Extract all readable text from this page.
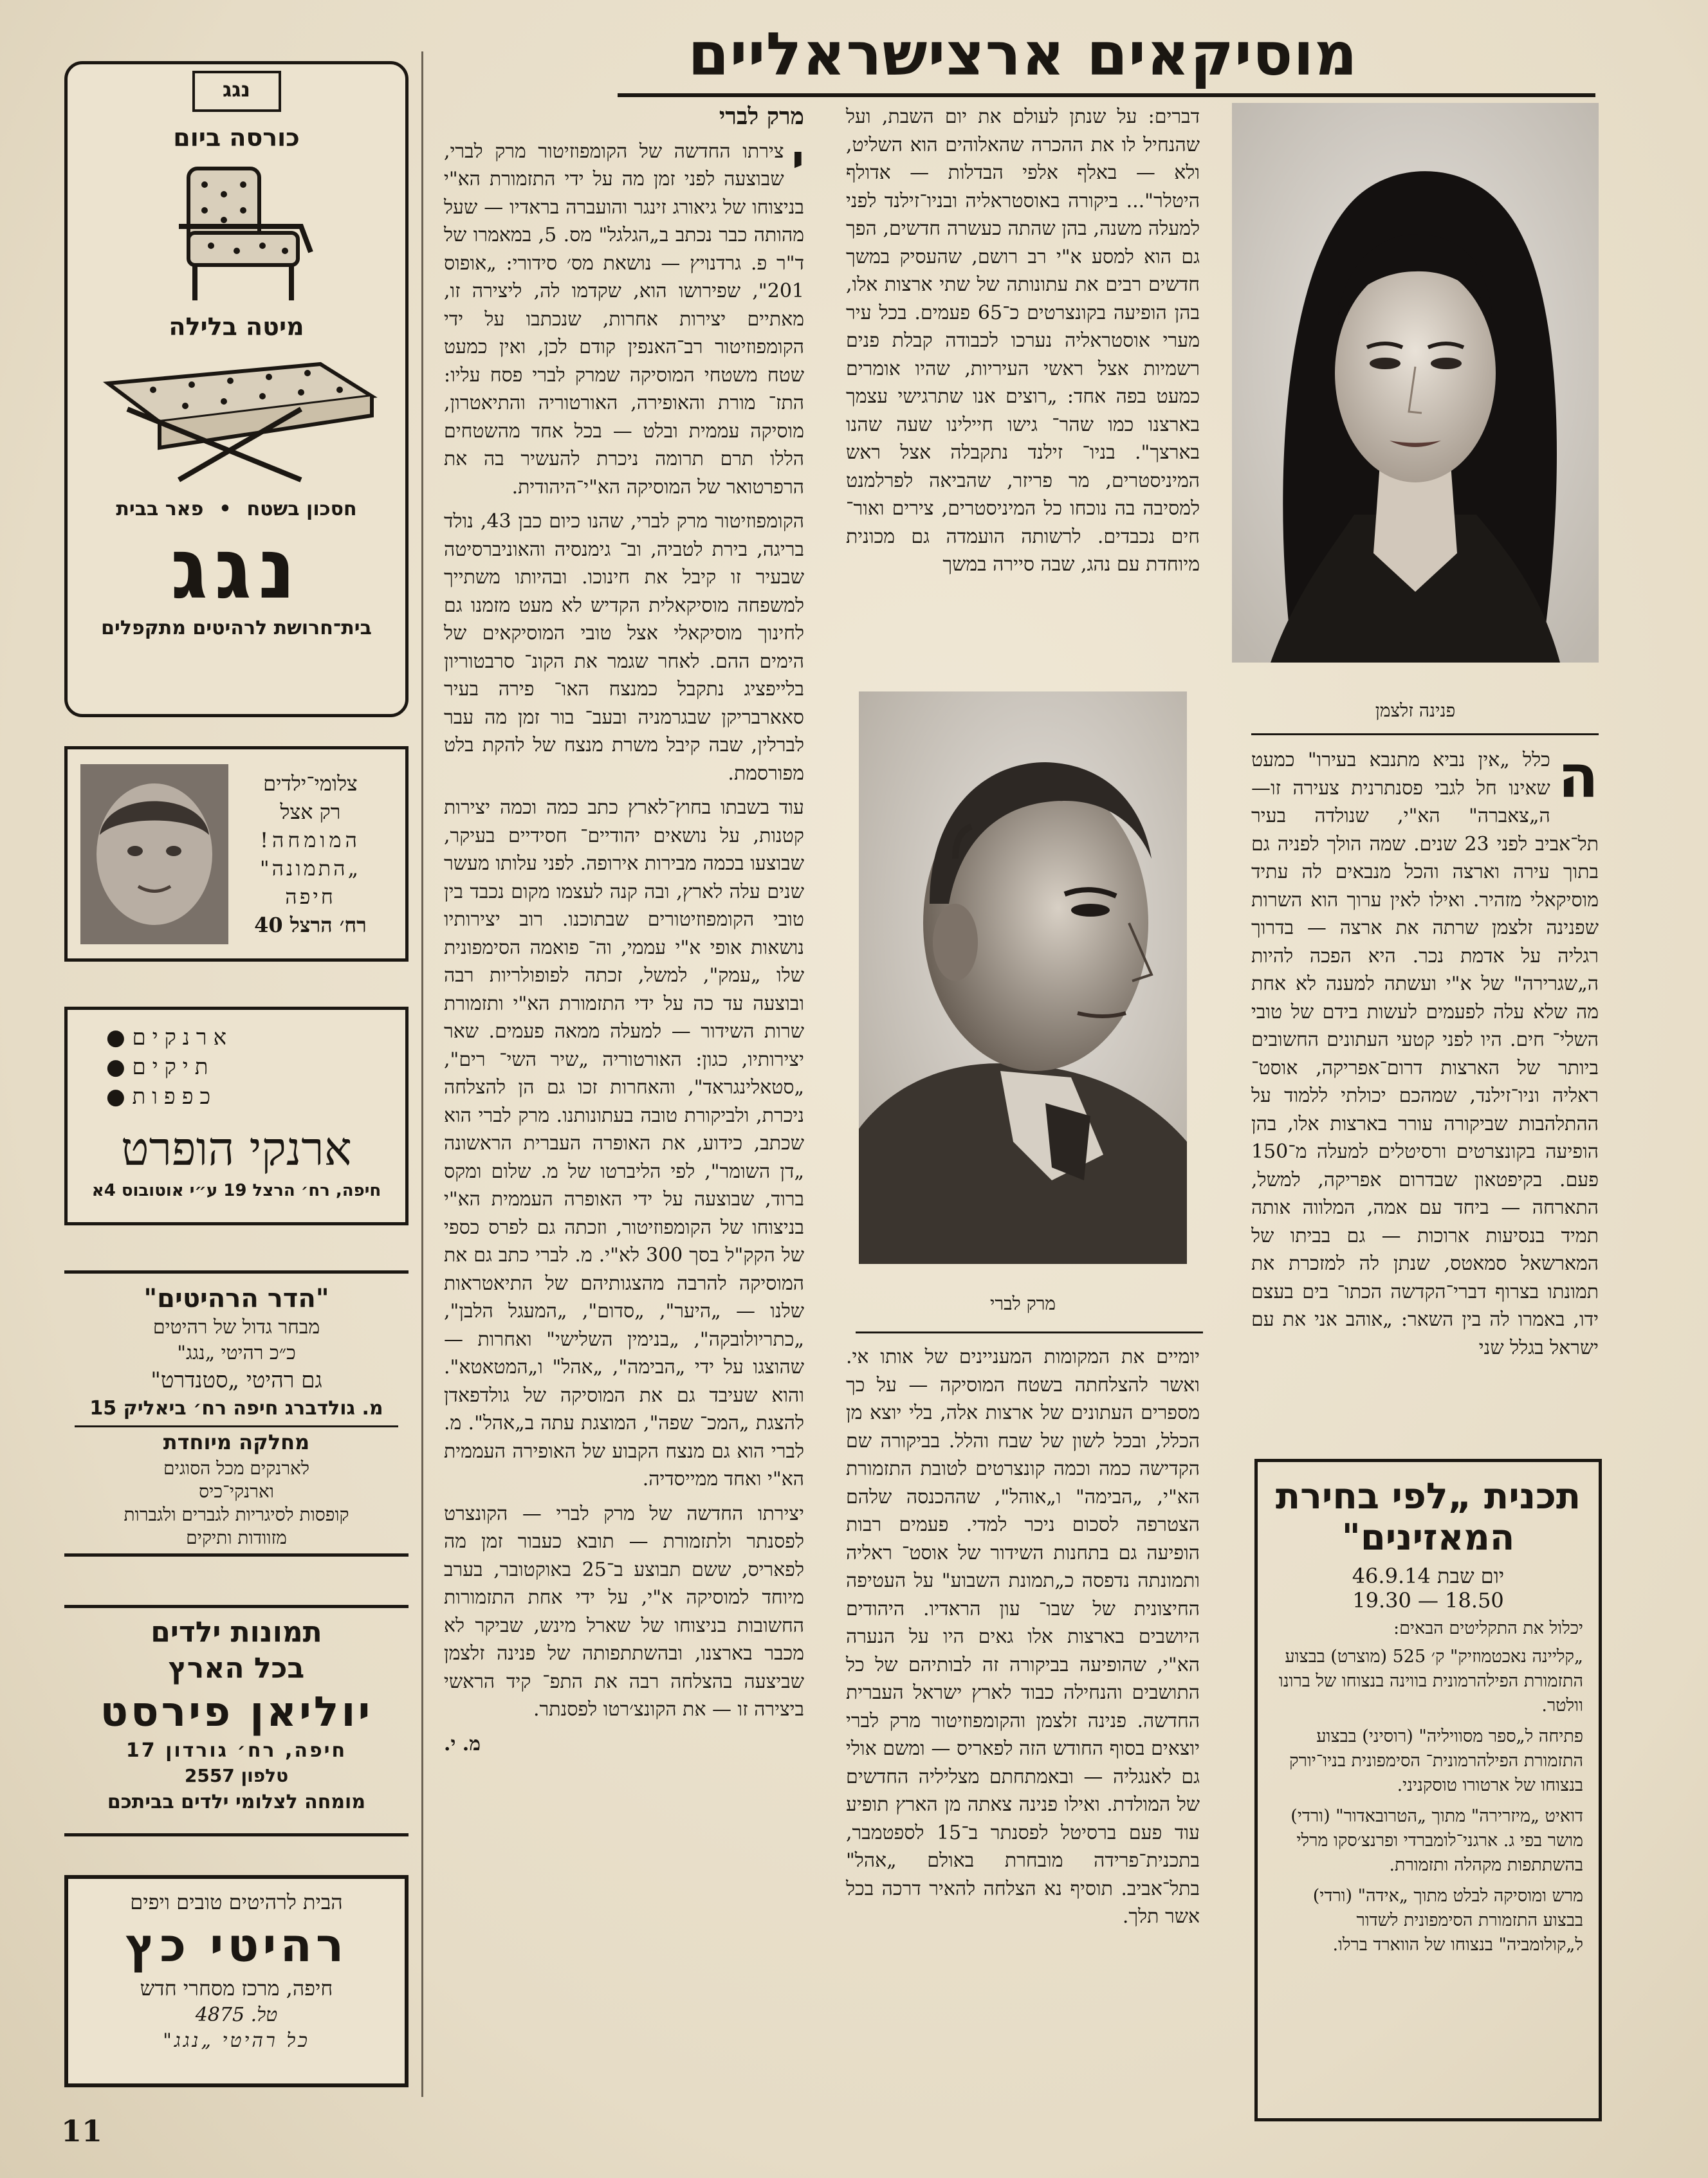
מוסיקאים ארצישראליים
פנינה זלצמן
ה
כלל „אין נביא מתנבא בעירו" כמעט שאינו חל לגבי פסנתרנית צעירה זו— ה„צאברה" הא"י, שנולדה בעיר תל־אביב לפני 23 שנים. שמה הולך לפניה גם בתוך עירה וארצה והכל מנבאים לה עתיד מוסיקאלי מזהיר. ואילו לאין ערוך הוא השרות שפנינה זלצמן שרתה את ארצה — בדרוך רגליה על אדמת נכר. היא הפכה להיות ה„שגרירה" של א"י ועשתה למענה לא אחת מה שלא עלה לפעמים לעשות בידם של טובי השלי־ חים. היו לפני קטעי העתונים החשובים ביותר של הארצות דרום־אפריקה, אוסט־ ראליה וניו־זילנד, שמהכם יכולתי ללמוד על ההתלהבות שביקורה עורר בארצות אלו, בהן הופיעה בקונצרטים ורסיטלים למעלה מ־150 פעם. בקיפטאון שבדרום אפריקה, למשל, התארחה — ביחד עם אמה, המלווה אותה תמיד בנסיעות ארוכות — גם בביתו של המארשאל סמאטס, שנתן לה למזכרת את תמונתו בצרוף דברי־הקדשה הכתו־ בים בעצם ידו, באמרו לה בין השאר: „אוהב אני את עם ישראל בגלל שני
תכנית „לפי בחירת המאזינים"
יום שבת 46.9.14
18.50 — 19.30
יכלול את התקליטים הבאים:
„קליינה נאכטמוזיק" ק׳ 525 (מוצרט) בבצוע התזמורת הפילהרמונית בווינה בנצוחו של ברונו וולטר.
פתיחה ל„ספר מסוויליה" (רוסיני) בבצוע התזמורת הפילהרמונית־ הסימפונית בניו־יורק בנצוחו של ארטורו טוסקניני.
דואיט „מיזרירה" מתוך „הטרובאדור" (ורדי) מושר בפי ג. ארגני־לומברדי ופרנצ׳סקו מרלי בהשתתפות מקהלה ותזמורת.
מרש ומוסיקה לבלט מתוך „אידה" (ורדי) בבצוע התזמורת הסימפונית לשדור ל„קולומביה" בנצוחו של הווארד ברלו.
דברים: על שנתן לעולם את יום השבת, ועל שהנחיל לו את ההכרה שהאלוהים הוא השליט, ולא — באלף אלפי הבדלות — אדולף היטלר"... ביקורה באוסטראליה ובניו־זילנד לפני למעלה משנה, בהן שהתה כעשרה חדשים, הפך גם הוא למסע א"י רב רושם, שהעסיק במשך חדשים רבים את עתונותה של שתי ארצות אלו, בהן הופיעה בקונצרטים כ־65 פעמים. בכל עיר מערי אוסטראליה נערכו לכבודה קבלת פנים רשמיות אצל ראשי העיריות, שהיו אומרים כמעט בפה אחד: „רוצים אנו שתרגישי עצמך בארצנו כמו שהר־ גישו חיילינו שעה שהנו בארצך". בניו־ זילנד נתקבלה אצל ראש המיניסטרים, מר פריזר, שהביאה לפרלמנט למסיבה בה נוכחו כל המיניסטרים, צירים ואור־ חים נכבדים. לרשותה הועמדה גם מכונית מיוחדת עם נהג, שבה סיירה במשך
מרק לברי
יומיים את המקומות המעניינים של אותו אי. ואשר להצלחתה בשטח המוסיקה — על כך מספרים העתונים של ארצות אלה, בלי יוצא מן הכלל, ובכל לשון של שבח והלל. בביקורה שם הקדישה כמה וכמה קונצרטים לטובת התזמורת הא"י, „הבימה" ו„אוהל", שההכנסה שלהם הצטרפה לסכום ניכר למדי. פעמים רבות הופיעה גם בתחנות השידור של אוסט־ ראליה ותמונתה נדפסה כ„תמונת השבוע" על העטיפה החיצונית של שבו־ עון הראדיו. היהודים היושבים בארצות אלו גאים היו על הנערה הא"י, שהופיעה בביקורה זה לבותיהם של כל התושבים והנחילה כבוד לארץ ישראל העברית החדשה. פנינה זלצמן והקומפוזיטור מרק לברי יוצאים בסוף החודש הזה לפאריס — ומשם אולי גם לאנגליה — ובאמתחתם מצליליה החדשים של המולדת. ואילו פנינה צאתה מן הארץ תופיע עוד פעם ברסיטל לפסנתר ב־15 לספטמבר, בתכנית־פרידה מובחרת באולם „אהל" בתל־אביב. תוסיף נא הצלחה להאיר דרכה בכל אשר תלך.
מרק לברי

י
צירתו החדשה של הקומפוזיטור מרק לברי, שבוצעה לפני זמן מה על ידי התזמורת הא"י בניצוחו של גיאורג זינגר והועברה בראדיו — שעל מהותה כבר נכתב ב„הגלגל" מס. 5, במאמרו של ד"ר פ. גרדנויץ — נושאת מס׳ סידורי: „אופוס 201", שפירושו הוא, שקדמו לה, ליצירה זו, מאתיים יצירות אחרות, שנכתבו על ידי הקומפוזיטור רב־האנפין קודם לכן, ואין כמעט שטח משטחי המוסיקה שמרק לברי פסח עליו: התז־ מורת והאופירה, האורטוריה והתיאטרון, מוסיקה עממית ובלט — בכל אחד מהשטחים הללו תרם תרומה ניכרת להעשיר בה את הרפרטואר של המוסיקה הא"י־היהודית.

הקומפוזיטור מרק לברי, שהנו כיום כבן 43, נולד בריגה, בירת לטביה, וב־ גימנסיה והאוניברסיטה שבעיר זו קיבל את חינוכו. ובהיותו משתייך למשפחה מוסיקאלית הקדיש לא מעט מזמנו גם לחינוך מוסיקאלי אצל טובי המוסיקאים של הימים ההם. לאחר שגמר את הקונ־ סרבטוריון בלייפציג נתקבל כמנצח האו־ פירה בעיר סאארבריקן שבגרמניה ובעב־ בור זמן מה עבר לברלין, שבה קיבל משרת מנצח של להקת בלט מפורסמת.

עוד בשבתו בחוץ־לארץ כתב כמה וכמה יצירות קטנות, על נושאים יהודיים־ חסידיים בעיקר, שבוצעו בכמה מבירות אירופה. לפני עלותו מעשר שנים עלה לארץ, ובה קנה לעצמו מקום נכבד בין טובי הקומפוזיטורים שבתוכנו. רוב יצירותיו נושאות אופי א"י עממי, וה־ פואמה הסימפונית שלו „עמק", למשל, זכתה לפופולריות רבה ובוצעה עד כה על ידי התזמורת הא"י ותזמורת שרות השידור — למעלה ממאה פעמים. שאר יצירותיו, כגון: האורטוריה „שיר השי־ רים", „סטאלינגראד", והאחרות זכו גם הן להצלחה ניכרת, ולביקורת טובה בעתונותנו. מרק לברי הוא שכתב, כידוע, את האופרה העברית הראשונה „דן השומר", לפי הליברטו של מ. שלום ומקס ברוד, שבוצעה על ידי האופרה העממית הא"י בניצוחו של הקומפוזיטור, וזכתה גם לפרס כספי של הקק"ל בסך 300 לא"י. מ. לברי כתב גם את המוסיקה להרבה מהצגותיהם של התיאטראות שלנו — „היער", „סדום", „המעגל הלבן", „כתריולובקה", „בנימין השלישי" ואחרות — שהוצגו על ידי „הבימה", „אהל" ו„המטאטא". והוא שעיבד גם את המוסיקה של גולדפאדן להצגת „המכ־ שפה", המוצגת עתה ב„אהל". מ. לברי הוא גם מנצח הקבוע של האופירה העממית הא"י ואחד ממייסדיה.

יצירתו החדשה של מרק לברי — הקונצרט לפסנתר ולתזמורת — תובא כעבור זמן מה לפאריס, ששם תבוצע ב־25 באוקטובר, בערב מיוחד למוסיקה א"י, על ידי אחת התזמורות החשובות בניצוחו של שארל מינש, שביקר לא מכבר בארצנו, ובהשתתפותה של פנינה זלצמן שביצעה בהצלחה רבה את התפ־ קיד הראשי ביצירה זו — את הקונצ׳רטו לפסנתר.

מ. י.
נגג
כורסה ביום
מיטה בלילה
חסכון בשטח
•
פאר בבית
נגג
בית־חרושת לרהיטים מתקפלים
צלומי־ילדים
רק אצל
המומחה!
„התמונה"
חיפה
רח׳ הרצל 40
ארנקים ●
תיקים ●
כפפות ●
ארנקי הופרט
חיפה, רח׳ הרצל 19 ע״י אוטובוס 4א
"הדר הרהיטים"
מבחר גדול של רהיטים
כ״כ רהיטי „נגג"
גם רהיטי „סטנדרט"
מ. גולדברג חיפה רח׳ ביאליק 15
מחלקה מיוחדת
לארנקים מכל הסוגים
וארנקי־כיס
קופסות לסיגריות לגברים ולגברות
מזוודות ותיקים
תמונות ילדים
בכל הארץ
יוליאן פירסט
חיפה, רח׳ גורדון 17
טלפון 2557
מומחה לצלומי ילדים בביתכם
הבית לרהיטים טובים ויפים
רהיטי כץ
חיפה, מרכז מסחרי חדש
טל. 4875
כל רהיטי „נגג"
11
